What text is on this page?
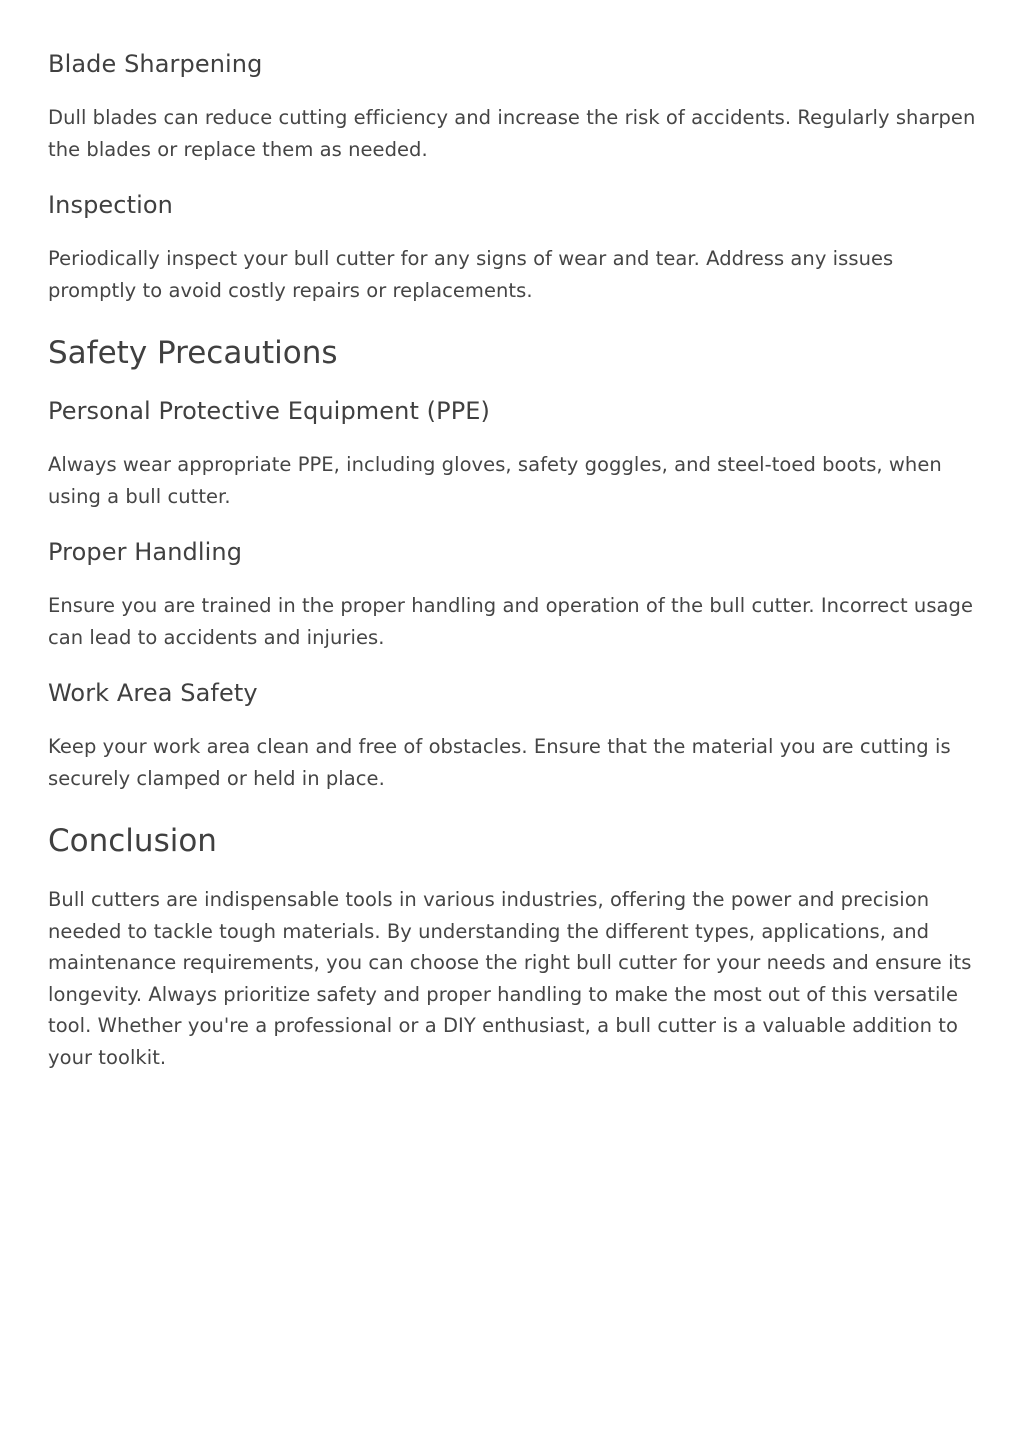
Blade Sharpening

Dull blades can reduce cutting efficiency and increase the risk of accidents. Regularly sharpen the blades or replace them as needed.

Inspection

Periodically inspect your bull cutter for any signs of wear and tear. Address any issues promptly to avoid costly repairs or replacements.

Safety Precautions
Personal Protective Equipment (PPE)

Always wear appropriate PPE, including gloves, safety goggles, and steel-toed boots, when using a bull cutter.

Proper Handling

Ensure you are trained in the proper handling and operation of the bull cutter. Incorrect usage can lead to accidents and injuries.

Work Area Safety

Keep your work area clean and free of obstacles. Ensure that the material you are cutting is securely clamped or held in place.

Conclusion

Bull cutters are indispensable tools in various industries, offering the power and precision needed to tackle tough materials. By understanding the different types, applications, and maintenance requirements, you can choose the right bull cutter for your needs and ensure its longevity. Always prioritize safety and proper handling to make the most out of this versatile tool. Whether you're a professional or a DIY enthusiast, a bull cutter is a valuable addition to your toolkit.
